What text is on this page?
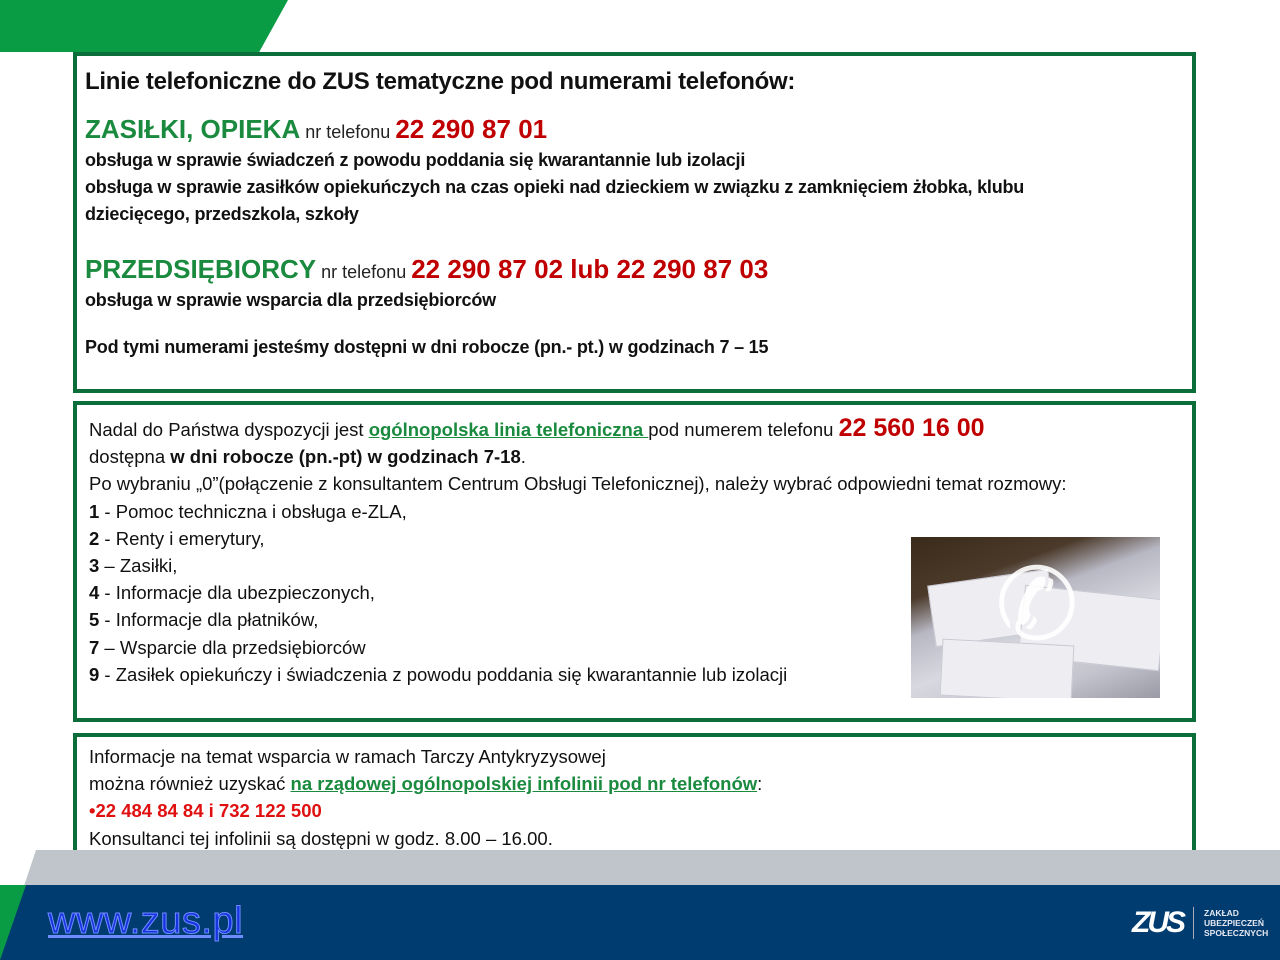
Linie telefoniczne do ZUS tematyczne pod numerami telefonów:
ZASIŁKI, OPIEKA nr telefonu 22 290 87 01
obsługa w sprawie świadczeń z powodu poddania się kwarantannie lub izolacji
obsługa w sprawie zasiłków opiekuńczych na czas opieki nad dzieckiem w związku z zamknięciem żłobka, klubu
dziecięcego, przedszkola, szkoły
PRZEDSIĘBIORCY nr telefonu 22 290 87 02 lub 22 290 87 03
obsługa w sprawie wsparcia dla przedsiębiorców
Pod tymi numerami jesteśmy dostępni w dni robocze (pn.- pt.) w godzinach 7 – 15
Nadal do Państwa dyspozycji jest ogólnopolska linia telefoniczna pod numerem telefonu 22 560 16 00
dostępna w dni robocze (pn.-pt) w godzinach 7-18.
Po wybraniu „0”(połączenie z konsultantem Centrum Obsługi Telefonicznej), należy wybrać odpowiedni temat rozmowy:
1 - Pomoc techniczna i obsługa e-ZLA,
2 - Renty i emerytury,
3 – Zasiłki,
4 - Informacje dla ubezpieczonych,
5 - Informacje dla płatników,
7 – Wsparcie dla przedsiębiorców
9 - Zasiłek opiekuńczy i świadczenia z powodu poddania się kwarantannie lub izolacji
✆
Informacje na temat wsparcia w ramach Tarczy Antykryzysowej
można również uzyskać na rządowej ogólnopolskiej infolinii pod nr telefonów:
•22 484 84 84 i 732 122 500
Konsultanci tej infolinii są dostępni w godz. 8.00 – 16.00.
www.zus.pl	ZUS ZAKŁAD
UBEZPIECZEŃ
SPOŁECZNYCH
